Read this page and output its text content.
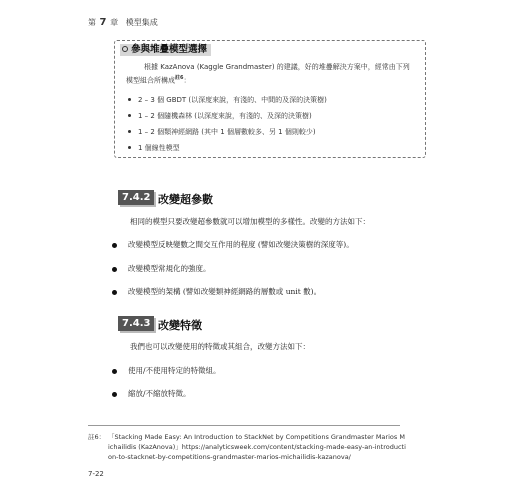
第 7 章 模型集成
參與堆疊模型選擇
根據 KazAnova (Kaggle Grandmaster) 的建議，好的堆疊解決方案中，經常由下列模型組合所構成$^{註6}$：
2 – 3 個 GBDT (以深度來說，有淺的、中間的及深的決策樹)
1 – 2 個隨機森林 (以深度來說，有淺的、及深的決策樹)
1 – 2 個類神經網路 (其中 1 個層數較多、另 1 個則較少)
1 個線性模型
7.4.2 改變超參數
相同的模型只要改變超參數就可以增加模型的多樣性。改變的方法如下：
改變模型反映變數之間交互作用的程度 (譬如改變決策樹的深度等)。
改變模型常規化的強度。
改變模型的架構 (譬如改變類神經網路的層數或 unit 數)。
7.4.3 改變特徵
我們也可以改變使用的特徵或其組合，改變方法如下：
使用/不使用特定的特徵組。
縮放/不縮放特徵。
註6： 「Stacking Made Easy: An Introduction to StackNet by Competitions Grandmaster Marios Michailidis (KazAnova)」https://analyticsweek.com/content/stacking-made-easy-an-introduction-to-stacknet-by-competitions-grandmaster-marios-michailidis-kazanova/
7-22
